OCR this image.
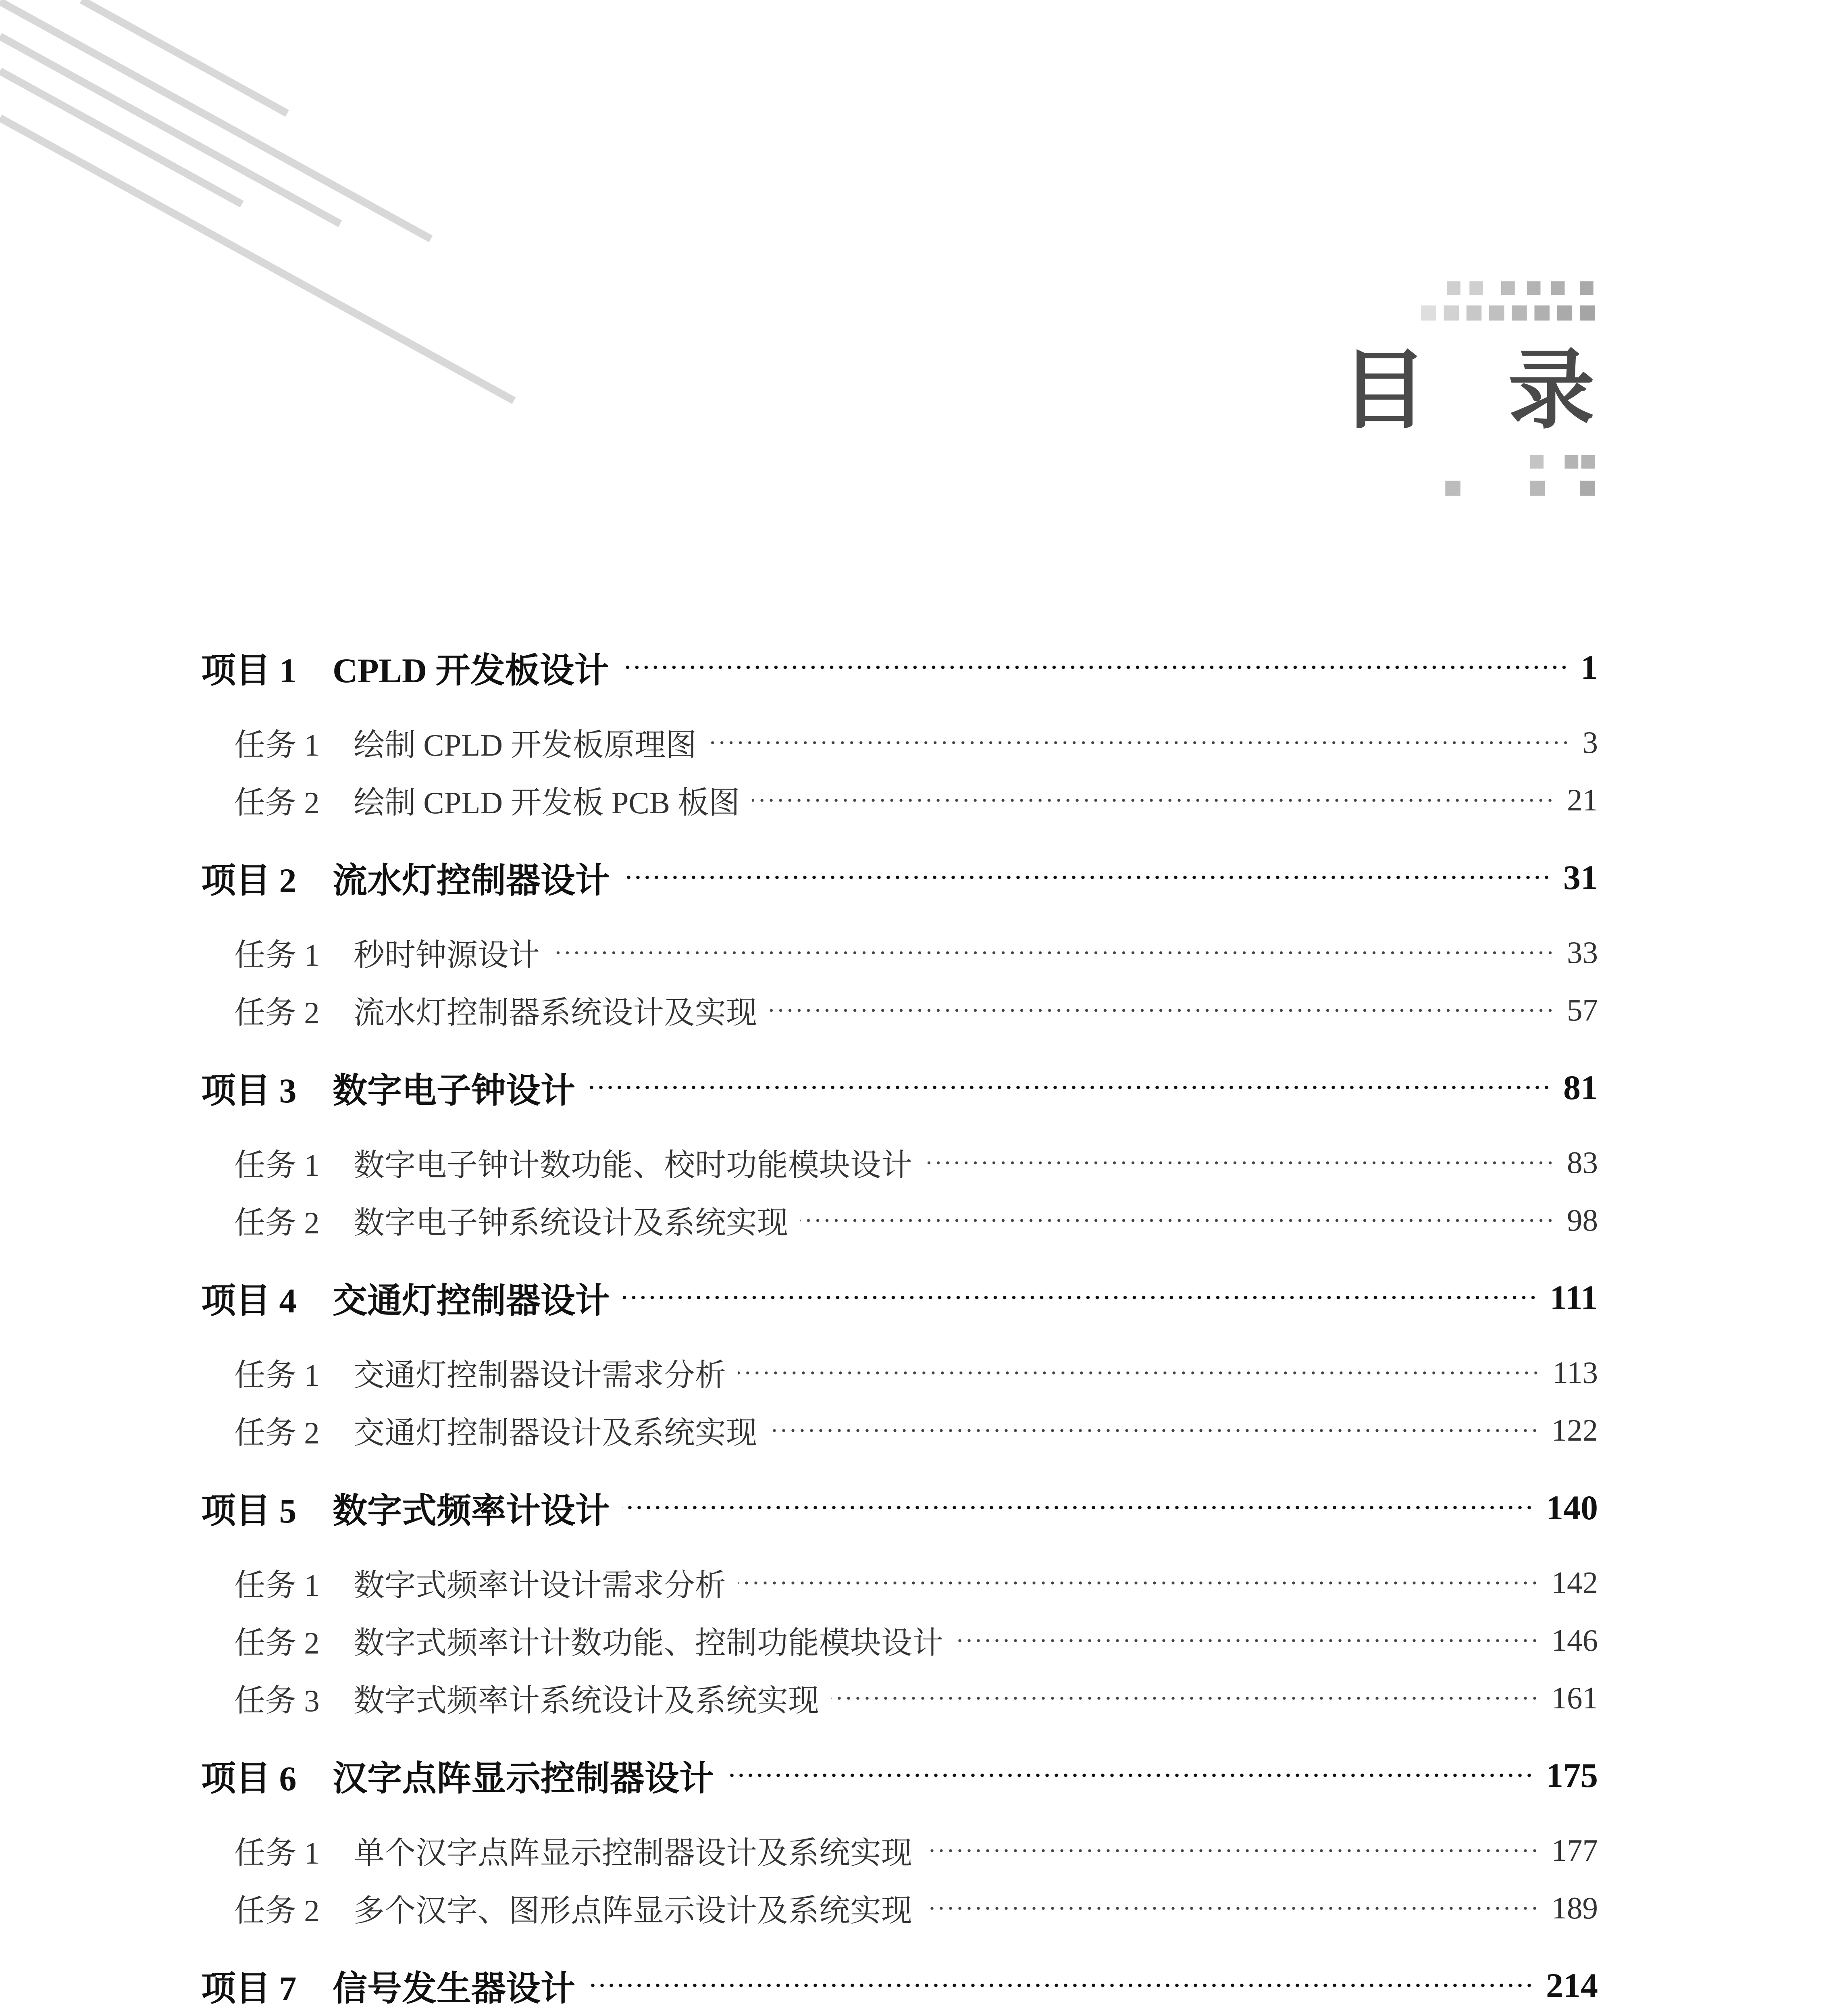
目 录
项目 1	CPLD 开发板设计	1
任务 1	绘制 CPLD 开发板原理图	3
任务 2	绘制 CPLD 开发板 PCB 板图	21
项目 2	流水灯控制器设计	31
任务 1	秒时钟源设计	33
任务 2	流水灯控制器系统设计及实现	57
项目 3	数字电子钟设计	81
任务 1	数字电子钟计数功能、校时功能模块设计	83
任务 2	数字电子钟系统设计及系统实现	98
项目 4	交通灯控制器设计	111
任务 1	交通灯控制器设计需求分析	113
任务 2	交通灯控制器设计及系统实现	122
项目 5	数字式频率计设计	140
任务 1	数字式频率计设计需求分析	142
任务 2	数字式频率计计数功能、控制功能模块设计	146
任务 3	数字式频率计系统设计及系统实现	161
项目 6	汉字点阵显示控制器设计	175
任务 1	单个汉字点阵显示控制器设计及系统实现	177
任务 2	多个汉字、图形点阵显示设计及系统实现	189
项目 7	信号发生器设计	214
